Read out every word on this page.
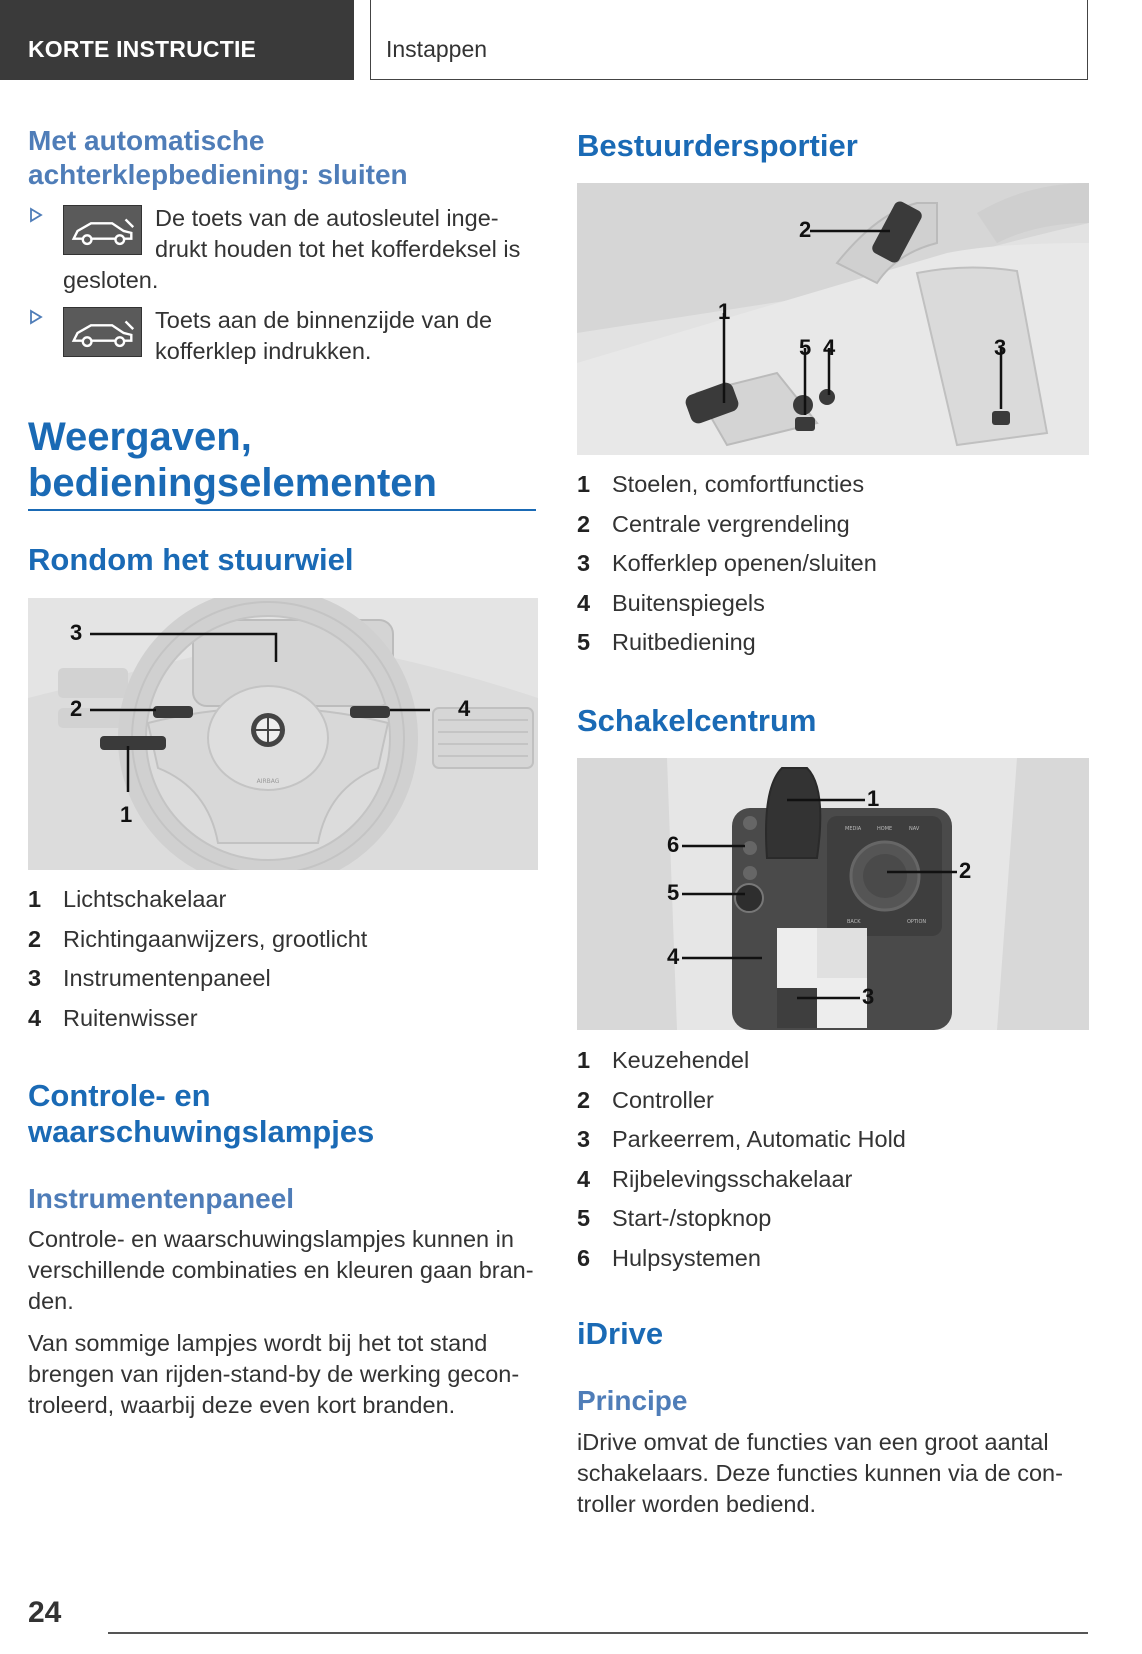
KORTE INSTRUCTIE	Instappen
Met automatische achterklepbediening: sluiten
De toets van de autosleutel inge-drukt houden tot het kofferdeksel is
gesloten.
Toets aan de binnenzijde van de kofferklep indrukken.
Weergaven, bedieningselementen
Rondom het stuurwiel
AIRBAG
3
2
1
4
1 Lichtschakelaar
2 Richtingaanwijzers, grootlicht
3 Instrumentenpaneel
4 Ruitenwisser
Controle- en waarschuwingslampjes
Instrumentenpaneel
Controle- en waarschuwingslampjes kunnen in verschillende combinaties en kleuren gaan bran-den.
Van sommige lampjes wordt bij het tot stand brengen van rijden-stand-by de werking gecon-troleerd, waarbij deze even kort branden.
Bestuurdersportier
2
1
5 4	3
1 Stoelen, comfortfuncties
2 Centrale vergrendeling
3 Kofferklep openen/sluiten
4 Buitenspiegels
5 Ruitbediening
Schakelcentrum
MEDIA	HOME	NAV
BACK	OPTION
1
2
3
4
5
6
1 Keuzehendel
2 Controller
3 Parkeerrem, Automatic Hold
4 Rijbelevingsschakelaar
5 Start-/stopknop
6 Hulpsystemen
iDrive
Principe
iDrive omvat de functies van een groot aantal schakelaars. Deze functies kunnen via de con-troller worden bediend.
24
